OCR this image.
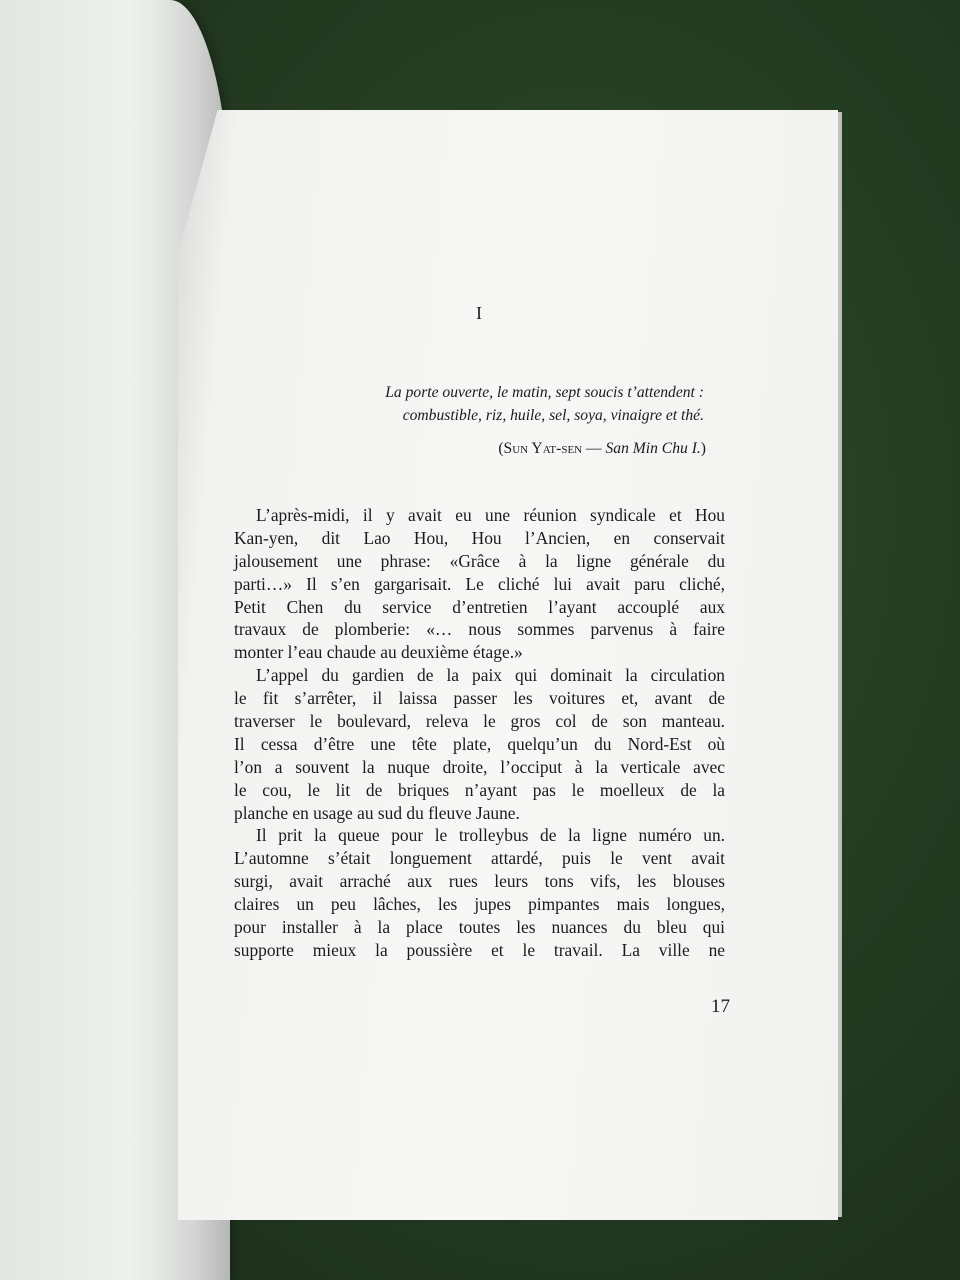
I
La porte ouverte, le matin, sept soucis t’attendent :
combustible, riz, huile, sel, soya, vinaigre et thé.
(Sun Yat-sen — San Min Chu I.)
L’après-midi, il y avait eu une réunion syndicale et Hou
Kan-yen, dit Lao Hou, Hou l’Ancien, en conservait
jalousement une phrase: «Grâce à la ligne générale du
parti…» Il s’en gargarisait. Le cliché lui avait paru cliché,
Petit Chen du service d’entretien l’ayant accouplé aux
travaux de plomberie: «… nous sommes parvenus à faire
monter l’eau chaude au deuxième étage.»
L’appel du gardien de la paix qui dominait la circulation
le fit s’arrêter, il laissa passer les voitures et, avant de
traverser le boulevard, releva le gros col de son manteau.
Il cessa d’être une tête plate, quelqu’un du Nord-Est où
l’on a souvent la nuque droite, l’occiput à la verticale avec
le cou, le lit de briques n’ayant pas le moelleux de la
planche en usage au sud du fleuve Jaune.
Il prit la queue pour le trolleybus de la ligne numéro un.
L’automne s’était longuement attardé, puis le vent avait
surgi, avait arraché aux rues leurs tons vifs, les blouses
claires un peu lâches, les jupes pimpantes mais longues,
pour installer à la place toutes les nuances du bleu qui
supporte mieux la poussière et le travail. La ville ne
17
